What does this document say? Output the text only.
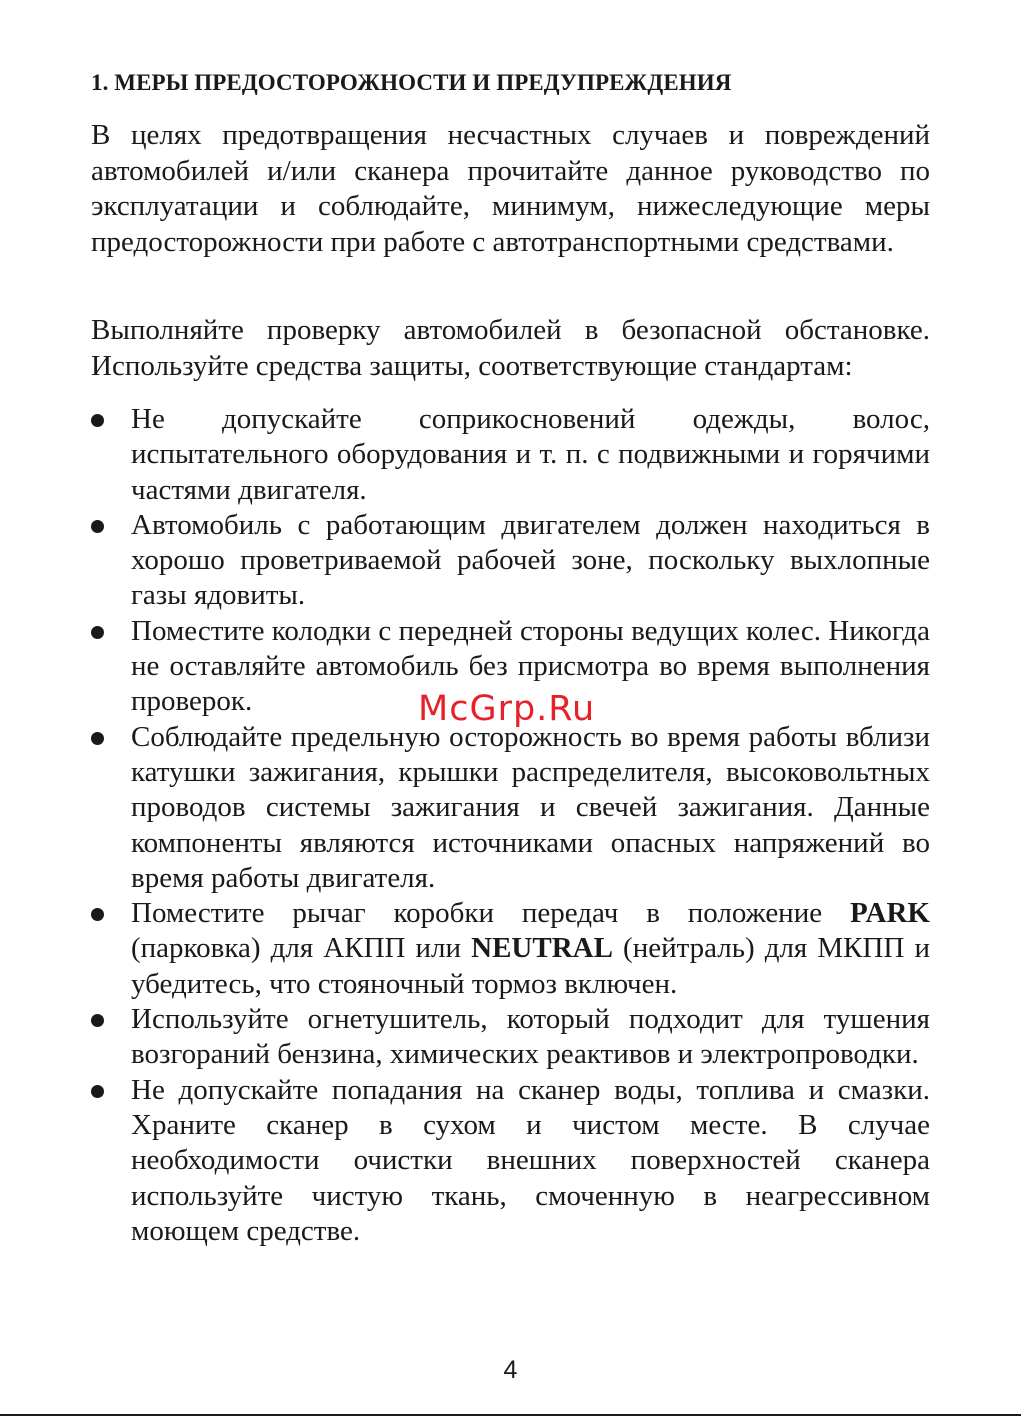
1. МЕРЫ ПРЕДОСТОРОЖНОСТИ И ПРЕДУПРЕЖДЕНИЯ
В целях предотвращения несчастных случаев и повреждений автомобилей и/или сканера прочитайте данное руководство по эксплуатации и соблюдайте, минимум, нижеследующие меры предосторожности при работе с автотранспортными средствами.
Выполняйте проверку автомобилей в безопасной обстановке. Используйте средства защиты, соответствующие стандартам:
Не допускайте соприкосновений одежды, волос, испытательного оборудования и т. п. с подвижными и горячими частями двигателя.
Автомобиль с работающим двигателем должен находиться в хорошо проветриваемой рабочей зоне, поскольку выхлопные газы ядовиты.
Поместите колодки с передней стороны ведущих колес. Никогда не оставляйте автомобиль без присмотра во время выполнения проверок.
Соблюдайте предельную осторожность во время работы вблизи катушки зажигания, крышки распределителя, высоковольтных проводов системы зажигания и свечей зажигания. Данные компоненты являются источниками опасных напряжений во время работы двигателя.
Поместите рычаг коробки передач в положение PARK (парковка) для АКПП или NEUTRAL (нейтраль) для МКПП и убедитесь, что стояночный тормоз включен.
Используйте огнетушитель, который подходит для тушения возгораний бензина, химических реактивов и электропроводки.
Не допускайте попадания на сканер воды, топлива и смазки. Храните сканер в сухом и чистом месте. В случае необходимости очистки внешних поверхностей сканера используйте чистую ткань, смоченную в неагрессивном моющем средстве.
McGrp.Ru
4
